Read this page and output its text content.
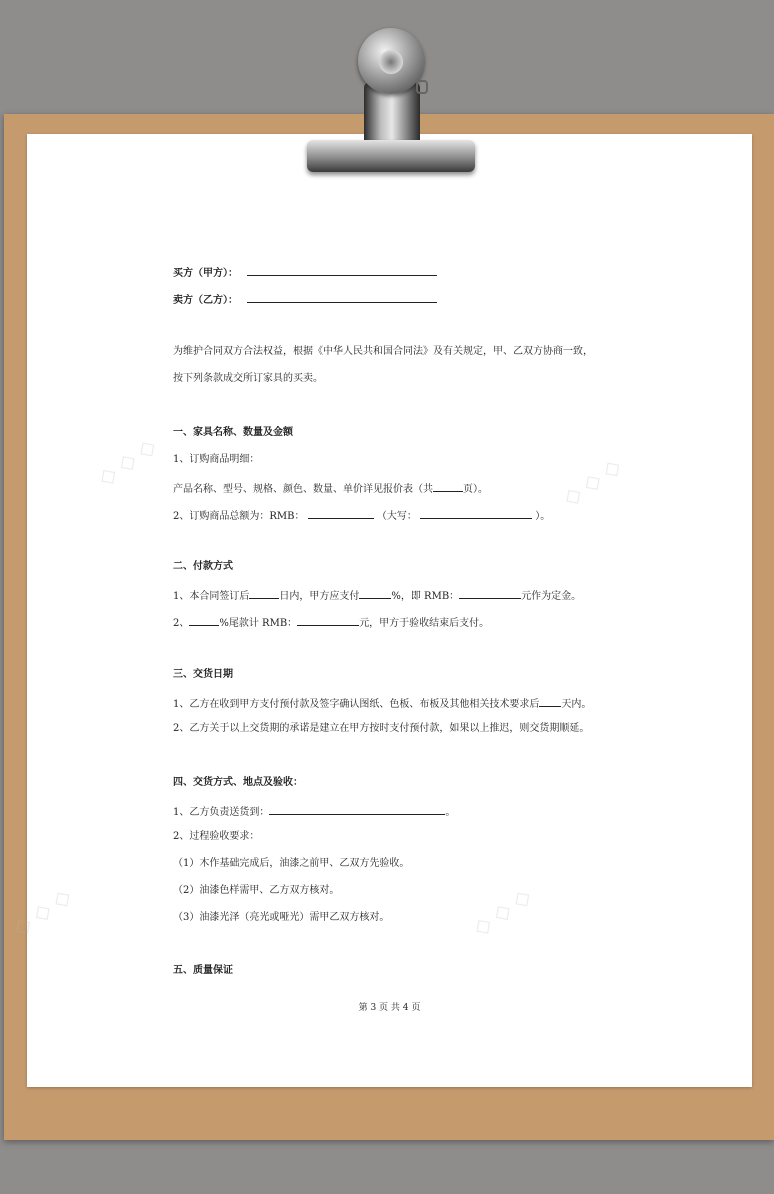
◇ ◇ ◇	◇ ◇ ◇
◇ ◇ ◇	◇ ◇ ◇
买方（甲方）：
卖方（乙方）：
为维护合同双方合法权益，根据《中华人民共和国合同法》及有关规定，甲、乙双方协商一致，
按下列条款成交所订家具的买卖。
一、家具名称、数量及金额
1、订购商品明细：
产品名称、型号、规格、颜色、数量、单价详见报价表（共	页）。
2、订购商品总额为：RMB：	（大写：	）。
二、付款方式
1、本合同签订后	日内，甲方应支付	%，即 RMB：	元作为定金。
2、	%尾款计 RMB：	元，甲方于验收结束后支付。
三、交货日期
1、乙方在收到甲方支付预付款及签字确认图纸、色板、布板及其他相关技术要求后 天内。
2、乙方关于以上交货期的承诺是建立在甲方按时支付预付款，如果以上推迟，则交货期顺延。
四、交货方式、地点及验收：
1、乙方负责送货到：	。
2、过程验收要求：
（1）木作基础完成后，油漆之前甲、乙双方先验收。
（2）油漆色样需甲、乙方双方核对。
（3）油漆光泽（亮光或哑光）需甲乙双方核对。
五、质量保证
第 3 页 共 4 页
